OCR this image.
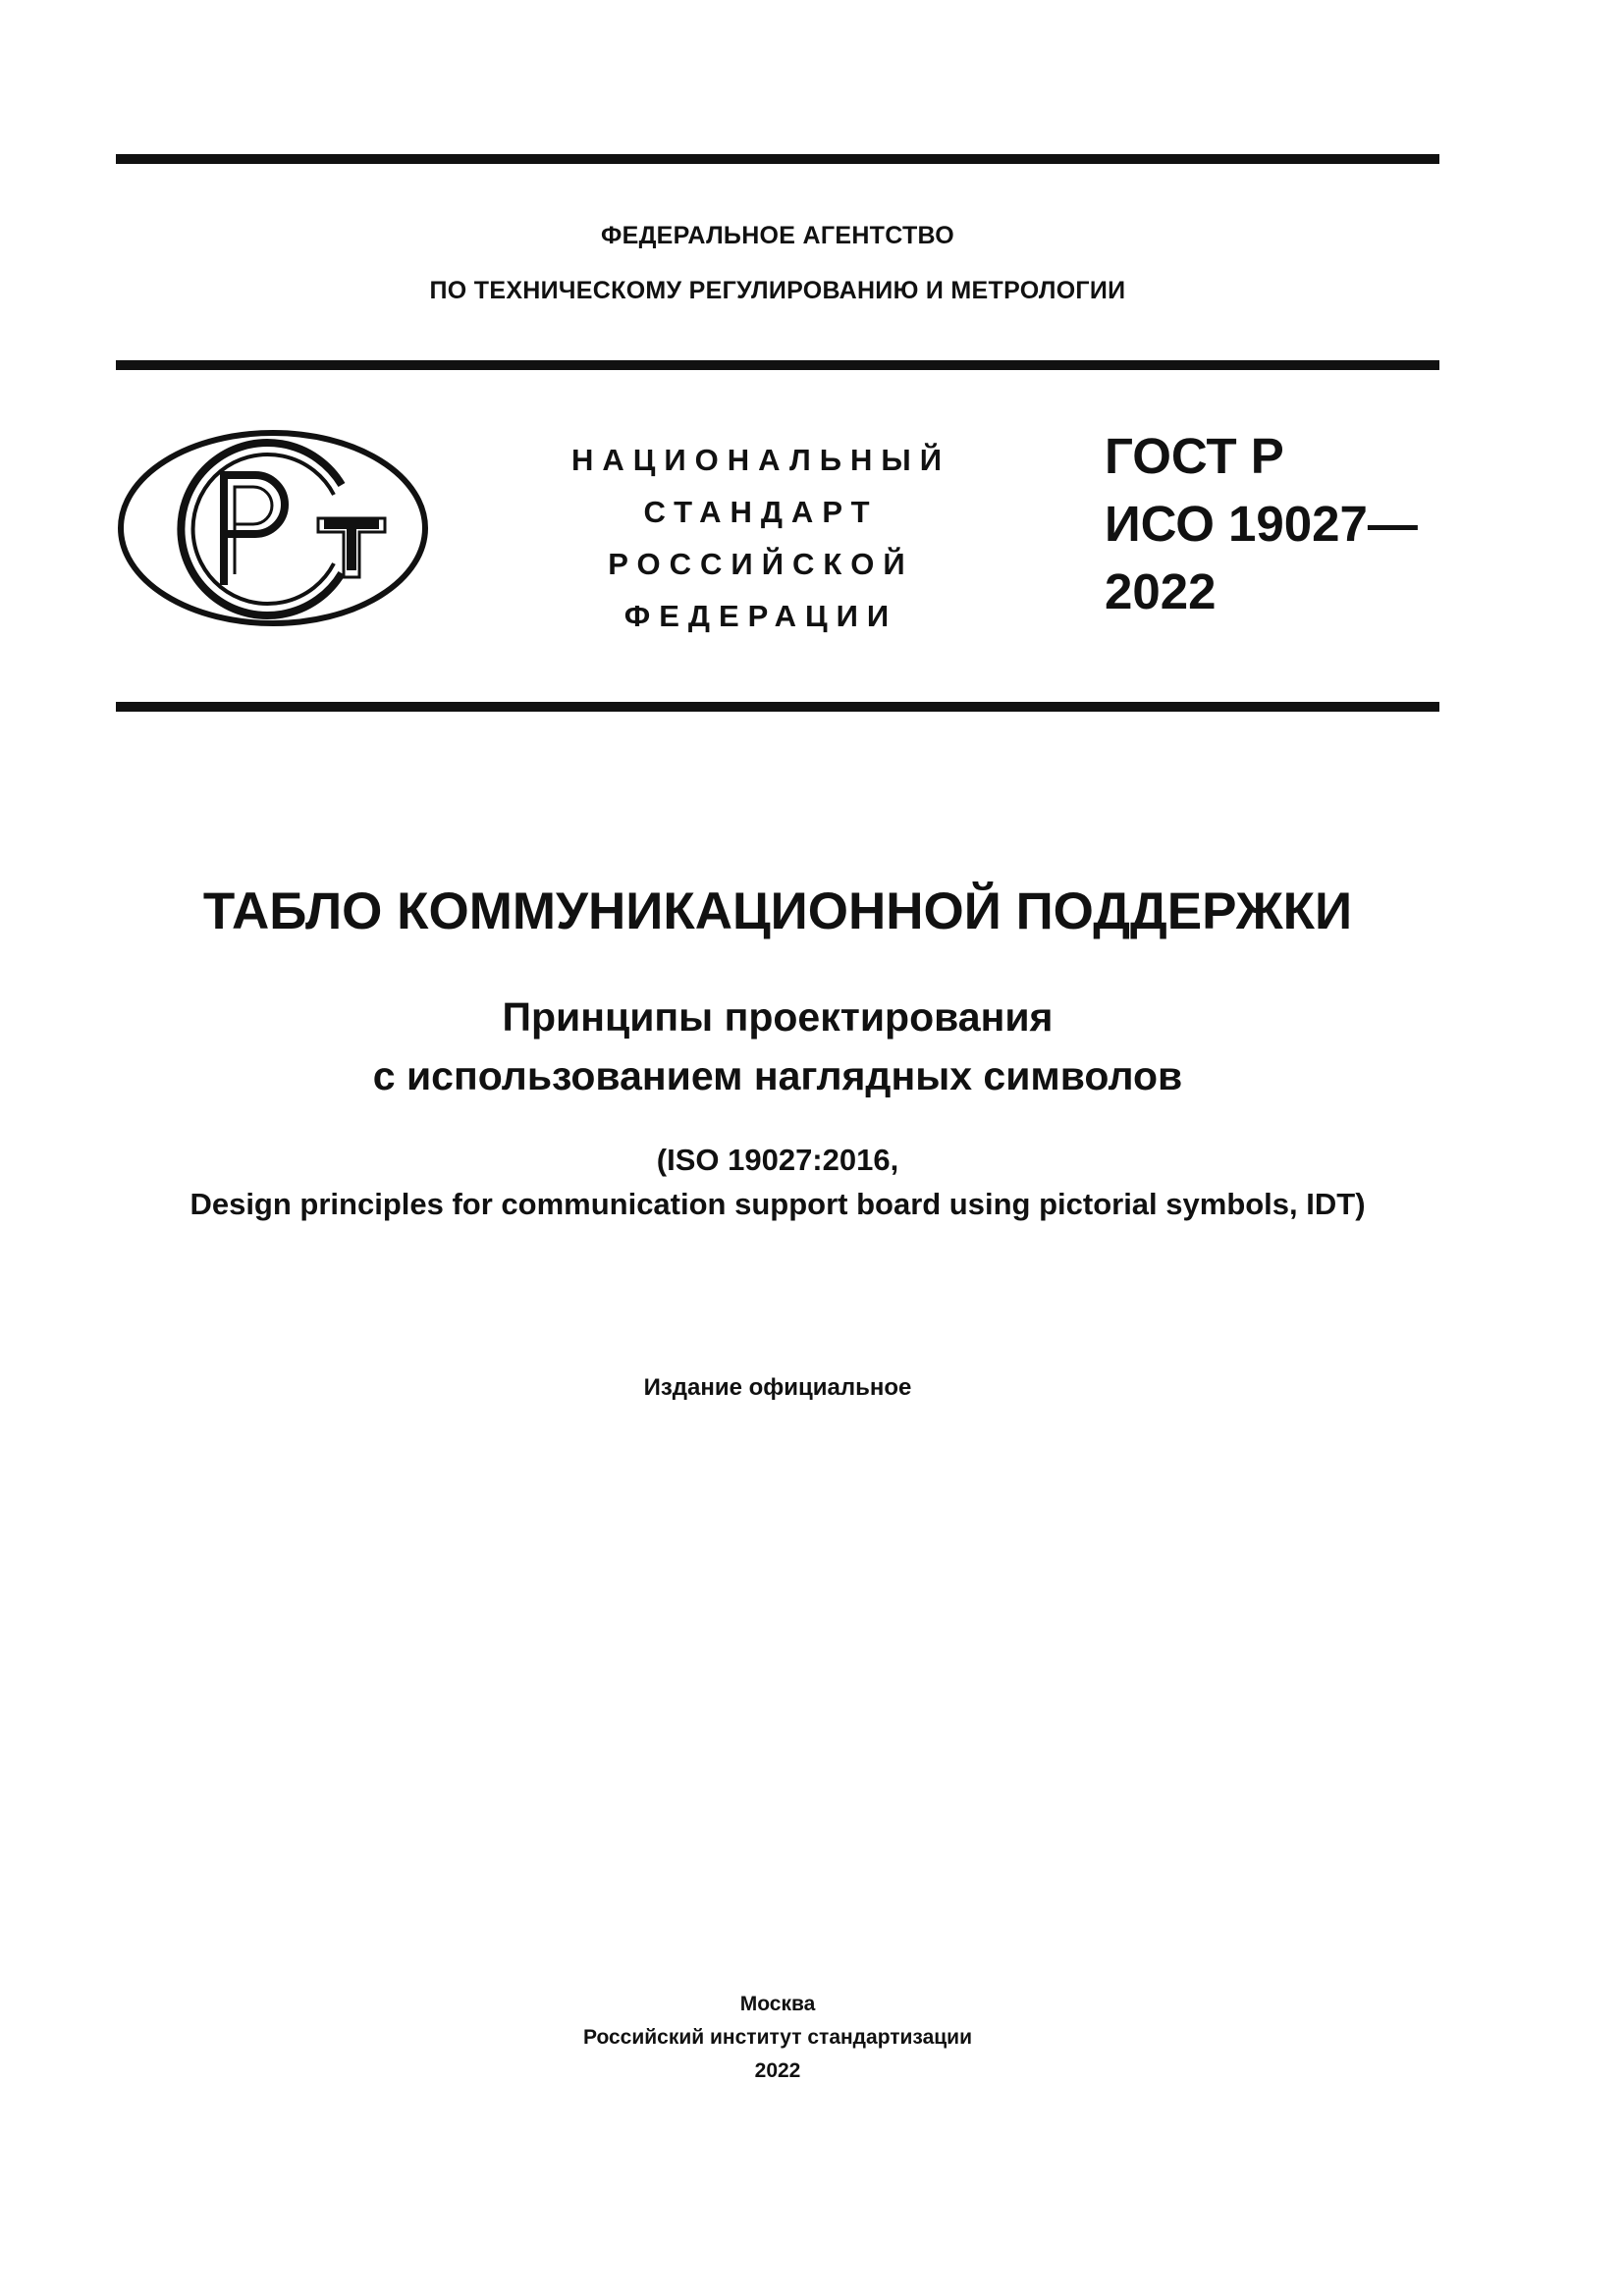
ФЕДЕРАЛЬНОЕ АГЕНТСТВО
ПО ТЕХНИЧЕСКОМУ РЕГУЛИРОВАНИЮ И МЕТРОЛОГИИ
НАЦИОНАЛЬНЫЙ
СТАНДАРТ
РОССИЙСКОЙ
ФЕДЕРАЦИИ
ГОСТ Р
ИСО 19027—
2022
ТАБЛО КОММУНИКАЦИОННОЙ ПОДДЕРЖКИ
Принципы проектирования
с использованием наглядных символов
(ISO 19027:2016,
Design principles for communication support board using pictorial symbols, IDT)
Издание официальное
Москва
Российский институт стандартизации
2022
